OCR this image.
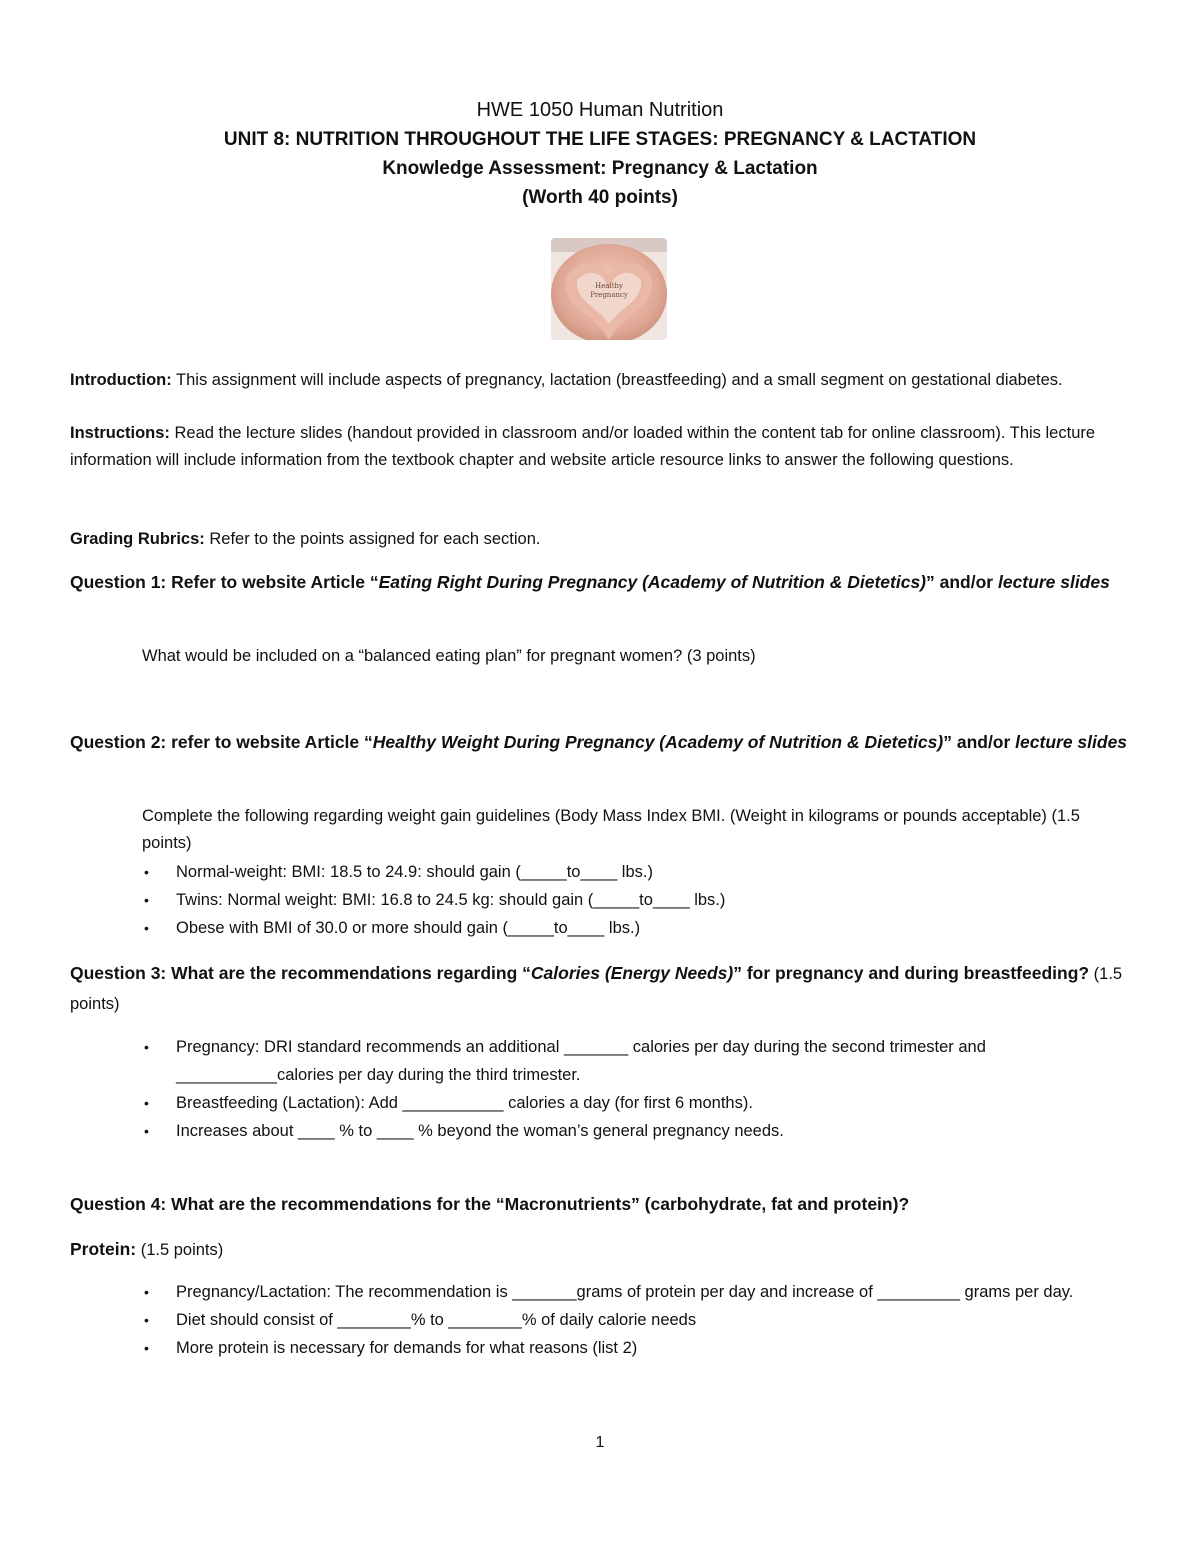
HWE 1050 Human Nutrition
UNIT 8: NUTRITION THROUGHOUT THE LIFE STAGES: PREGNANCY & LACTATION
Knowledge Assessment: Pregnancy & Lactation
(Worth 40 points)
Healthy
Pregnancy
Introduction: This assignment will include aspects of pregnancy, lactation (breastfeeding) and a small segment on gestational diabetes.
Instructions: Read the lecture slides (handout provided in classroom and/or loaded within the content tab for online classroom). This lecture information will include information from the textbook chapter and website article resource links to answer the following questions.
Grading Rubrics: Refer to the points assigned for each section.
Question 1: Refer to website Article “Eating Right During Pregnancy (Academy of Nutrition & Dietetics)” and/or lecture slides
What would be included on a “balanced eating plan” for pregnant women? (3 points)
Question 2: refer to website Article “Healthy Weight During Pregnancy (Academy of Nutrition & Dietetics)” and/or lecture slides
Complete the following regarding weight gain guidelines (Body Mass Index BMI. (Weight in kilograms or pounds acceptable) (1.5 points)
• Normal-weight: BMI: 18.5 to 24.9: should gain (_____to____ lbs.)
• Twins: Normal weight: BMI: 16.8 to 24.5 kg: should gain (_____to____ lbs.)
• Obese with BMI of 30.0 or more should gain (_____to____ lbs.)
Question 3: What are the recommendations regarding “Calories (Energy Needs)” for pregnancy and during breastfeeding? (1.5 points)
• Pregnancy: DRI standard recommends an additional _______ calories per day during the second trimester and ___________calories per day during the third trimester.
• Breastfeeding (Lactation): Add ___________ calories a day (for first 6 months).
• Increases about ____ % to ____ % beyond the woman’s general pregnancy needs.
Question 4: What are the recommendations for the “Macronutrients” (carbohydrate, fat and protein)?
Protein: (1.5 points)
• Pregnancy/Lactation: The recommendation is _______grams of protein per day and increase of _________ grams per day.
• Diet should consist of ________% to ________% of daily calorie needs
• More protein is necessary for demands for what reasons (list 2)
1
